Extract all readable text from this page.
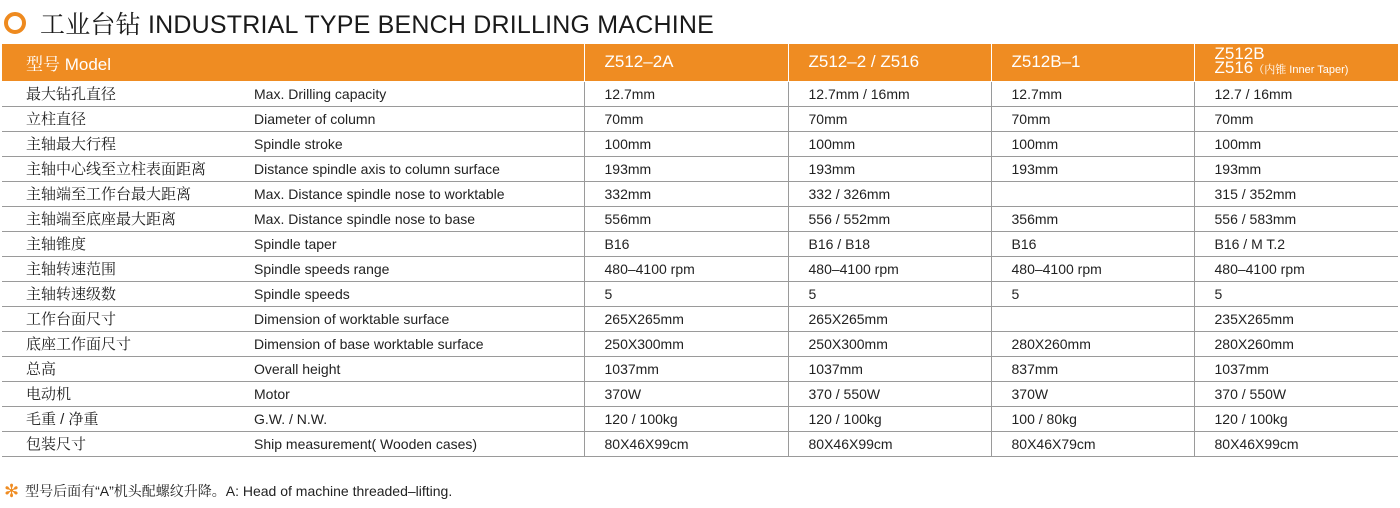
工业台钻 INDUSTRIAL TYPE BENCH DRILLING MACHINE
型号 Model		Z512–2A	Z512–2 / Z516	Z512B–1	Z512B
Z516（内锥 Inner Taper)

最大钻孔直径	Max. Drilling capacity	12.7mm	12.7mm / 16mm	12.7mm	12.7 / 16mm
立柱直径	Diameter of column	70mm	70mm	70mm	70mm
主轴最大行程	Spindle stroke	100mm	100mm	100mm	100mm
主轴中心线至立柱表面距离	Distance spindle axis to column surface	193mm	193mm	193mm	193mm
主轴端至工作台最大距离	Max. Distance spindle nose to worktable	332mm	332 / 326mm		315 / 352mm
主轴端至底座最大距离	Max. Distance spindle nose to base	556mm	556 / 552mm	356mm	556 / 583mm
主轴锥度	Spindle taper	B16	B16 / B18	B16	B16 / M T.2
主轴转速范围	Spindle speeds range	480–4100 rpm	480–4100 rpm	480–4100 rpm	480–4100 rpm
主轴转速级数	Spindle speeds	5	5	5	5
工作台面尺寸	Dimension of worktable surface	265X265mm	265X265mm		235X265mm
底座工作面尺寸	Dimension of base worktable surface	250X300mm	250X300mm	280X260mm	280X260mm
总高	Overall height	1037mm	1037mm	837mm	1037mm
电动机	Motor	370W	370 / 550W	370W	370 / 550W
毛重 / 净重	G.W. / N.W.	120 / 100kg	120 / 100kg	100 / 80kg	120 / 100kg
包装尺寸	Ship measurement( Wooden cases)	80X46X99cm	80X46X99cm	80X46X79cm	80X46X99cm
✻ 型号后面有“A”机头配螺纹升降。A: Head of machine threaded–lifting.
